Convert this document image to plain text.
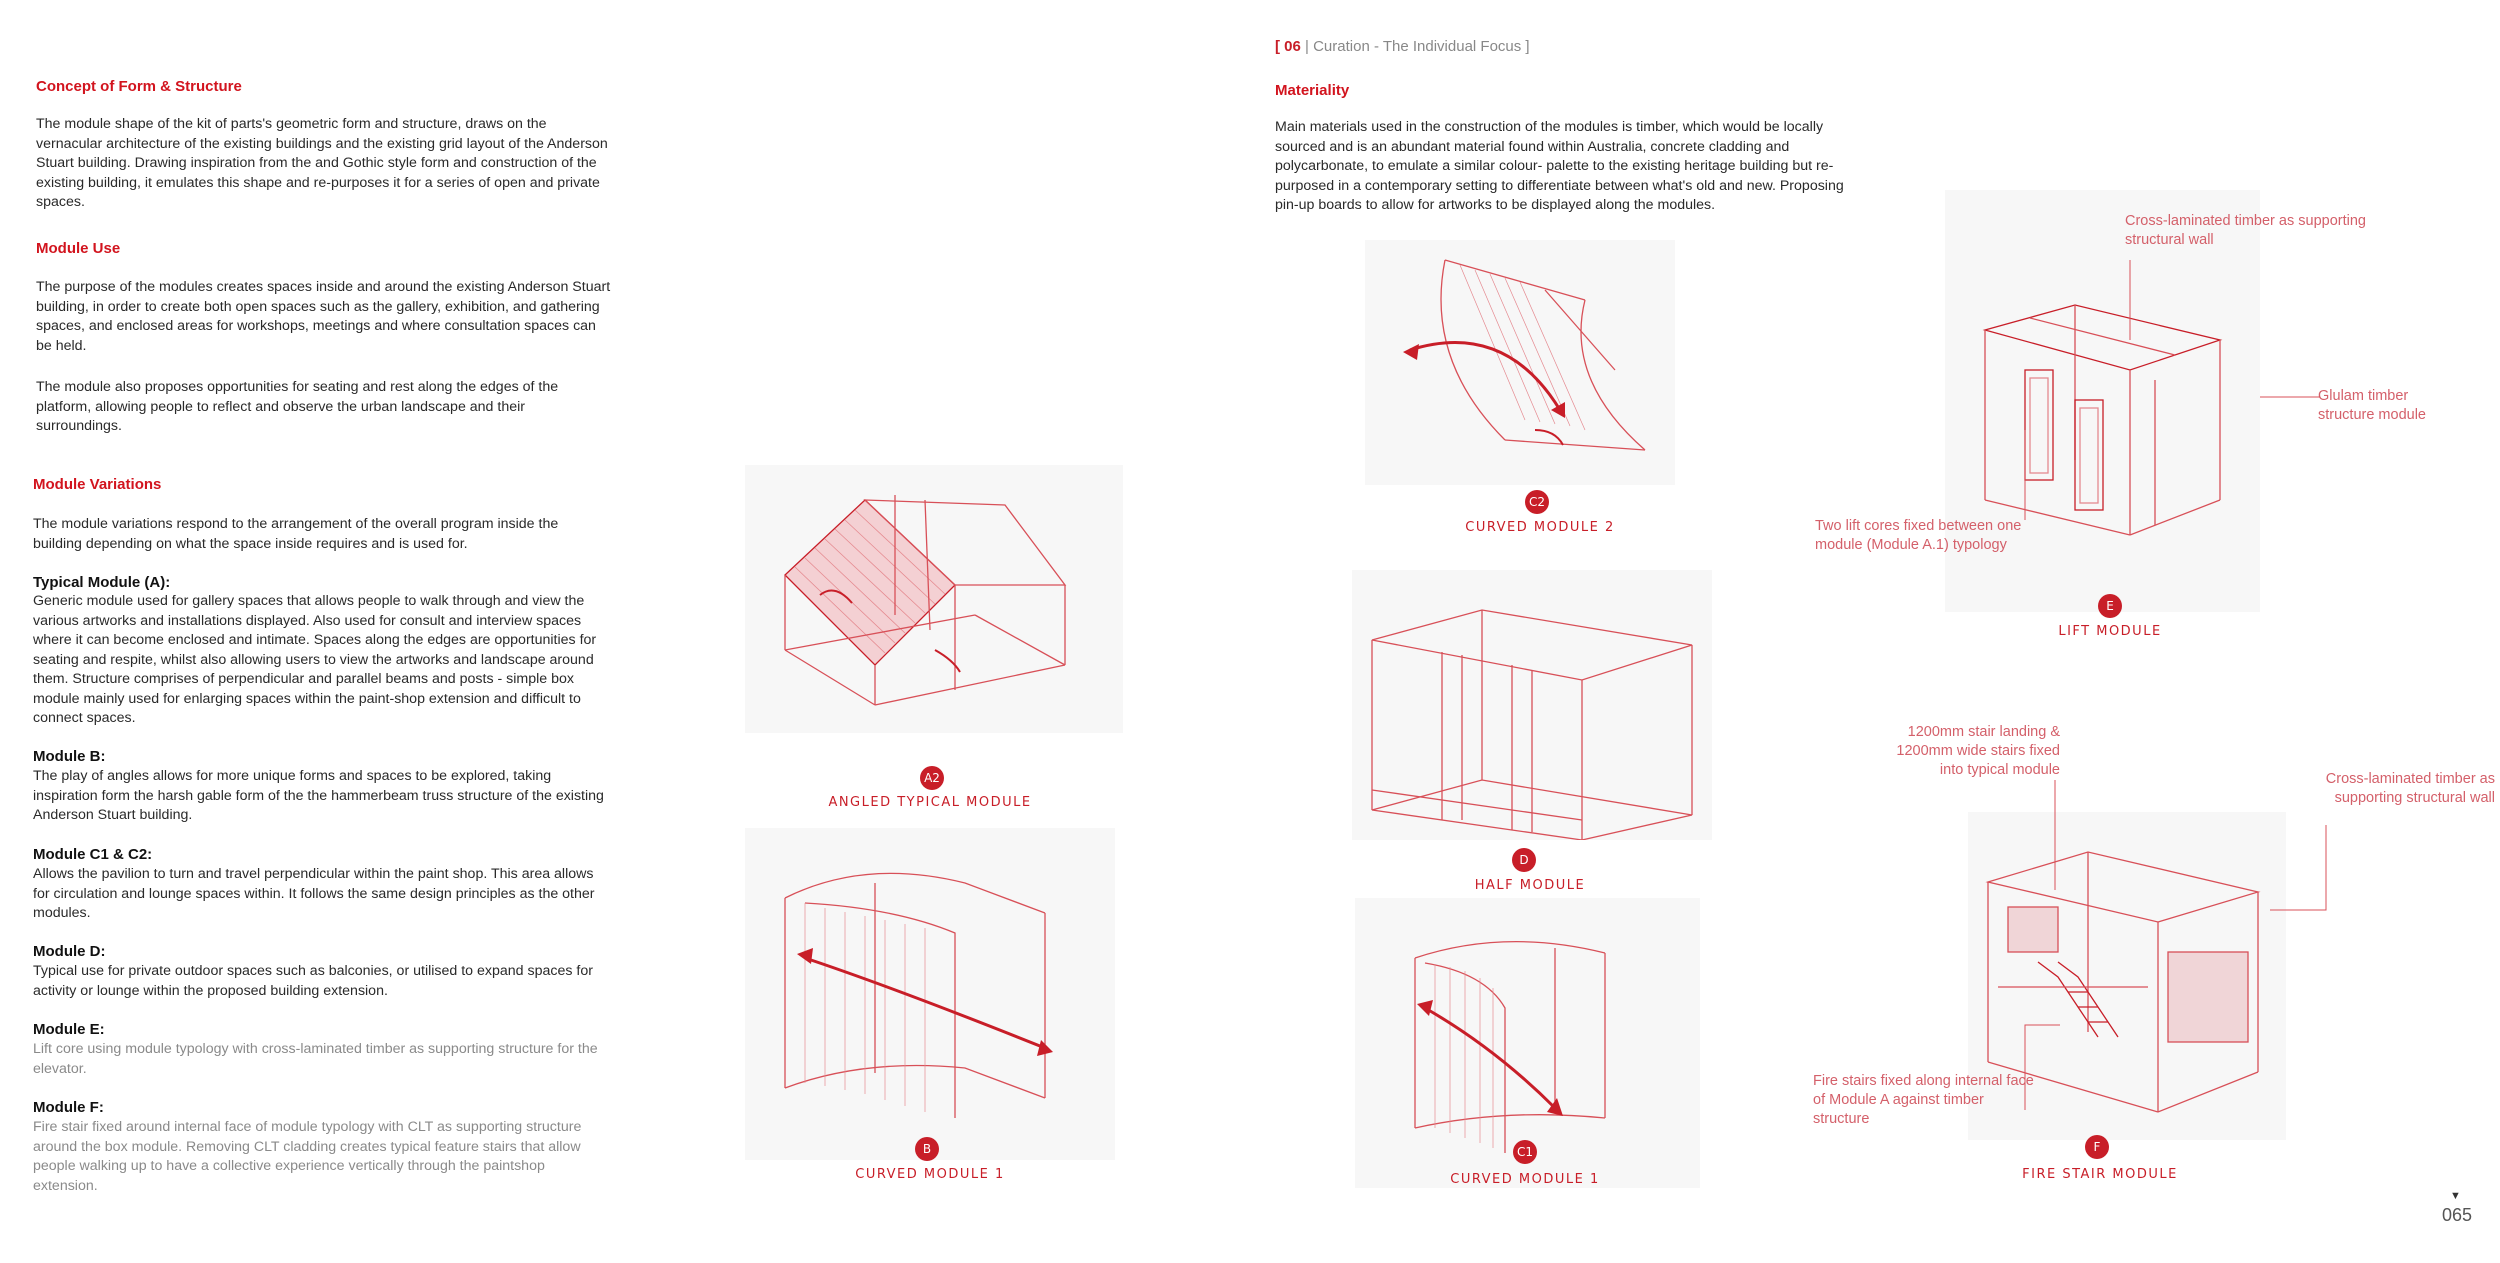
Concept of Form & Structure

The module shape of the kit of parts's geometric form and structure, draws on the vernacular architecture of the existing buildings and the existing grid layout of the Anderson Stuart building. Drawing inspiration from the and Gothic style form and construction of the existing building, it emulates this shape and re-purposes it for a series of open and private spaces.

Module Use

The purpose of the modules creates spaces inside and around the existing Anderson Stuart building, in order to create both open spaces such as the gallery, exhibition, and gathering spaces, and enclosed areas for workshops, meetings and where consultation spaces can be held.

The module also proposes opportunities for seating and rest along the edges of the platform, allowing people to reflect and observe the urban landscape and their surroundings.

Module Variations

The module variations respond to the arrangement of the overall program inside the building depending on what the space inside requires and is used for.

Typical Module (A):

Generic module used for gallery spaces that allows people to walk through and view the various artworks and installations displayed. Also used for consult and interview spaces where it can become enclosed and intimate. Spaces along the edges are opportunities for seating and respite, whilst also allowing users to view the artworks and landscape around them. Structure comprises of perpendicular and parallel beams and posts - simple box module mainly used for enlarging spaces within the paint-shop extension and difficult to connect spaces.

Module B:

The play of angles allows for more unique forms and spaces to be explored, taking inspiration form the harsh gable form of the the hammerbeam truss structure of the existing Anderson Stuart building.

Module C1 & C2:

Allows the pavilion to turn and travel perpendicular within the paint shop. This area allows for circulation and lounge spaces within. It follows the same design principles as the other modules.

Module D:

Typical use for private outdoor spaces such as balconies, or utilised to expand spaces for activity or lounge within the proposed building extension.

Module E:

Lift core using module typology with cross-laminated timber as supporting structure for the elevator.

Module F:

Fire stair fixed around internal face of module typology with CLT as supporting structure around the box module. Removing CLT cladding creates typical feature stairs that allow people walking up to have a collective experience vertically through the paintshop extension.

[ 06 | Curation - The Individual Focus ]
Materiality

Main materials used in the construction of the modules is timber, which would be locally sourced and is an abundant material found within Australia, concrete cladding and polycarbonate, to emulate a similar colour- palette to the existing heritage building but re-purposed in a contemporary setting to differentiate between what's old and new. Proposing pin-up boards to allow for artworks to be displayed along the modules.

A2
ANGLED TYPICAL MODULE
B
CURVED MODULE 1
C2
CURVED MODULE 2
D
HALF MODULE
C1
CURVED MODULE 1
E
LIFT MODULE
Cross-laminated timber as supporting structural wall
Glulam timber structure module
Two lift cores fixed between one module (Module A.1) typology
F
FIRE STAIR MODULE
1200mm stair landing & 1200mm wide stairs fixed into typical module
Cross-laminated timber as supporting structural wall
Fire stairs fixed along internal face of Module A against timber structure
▼
065
